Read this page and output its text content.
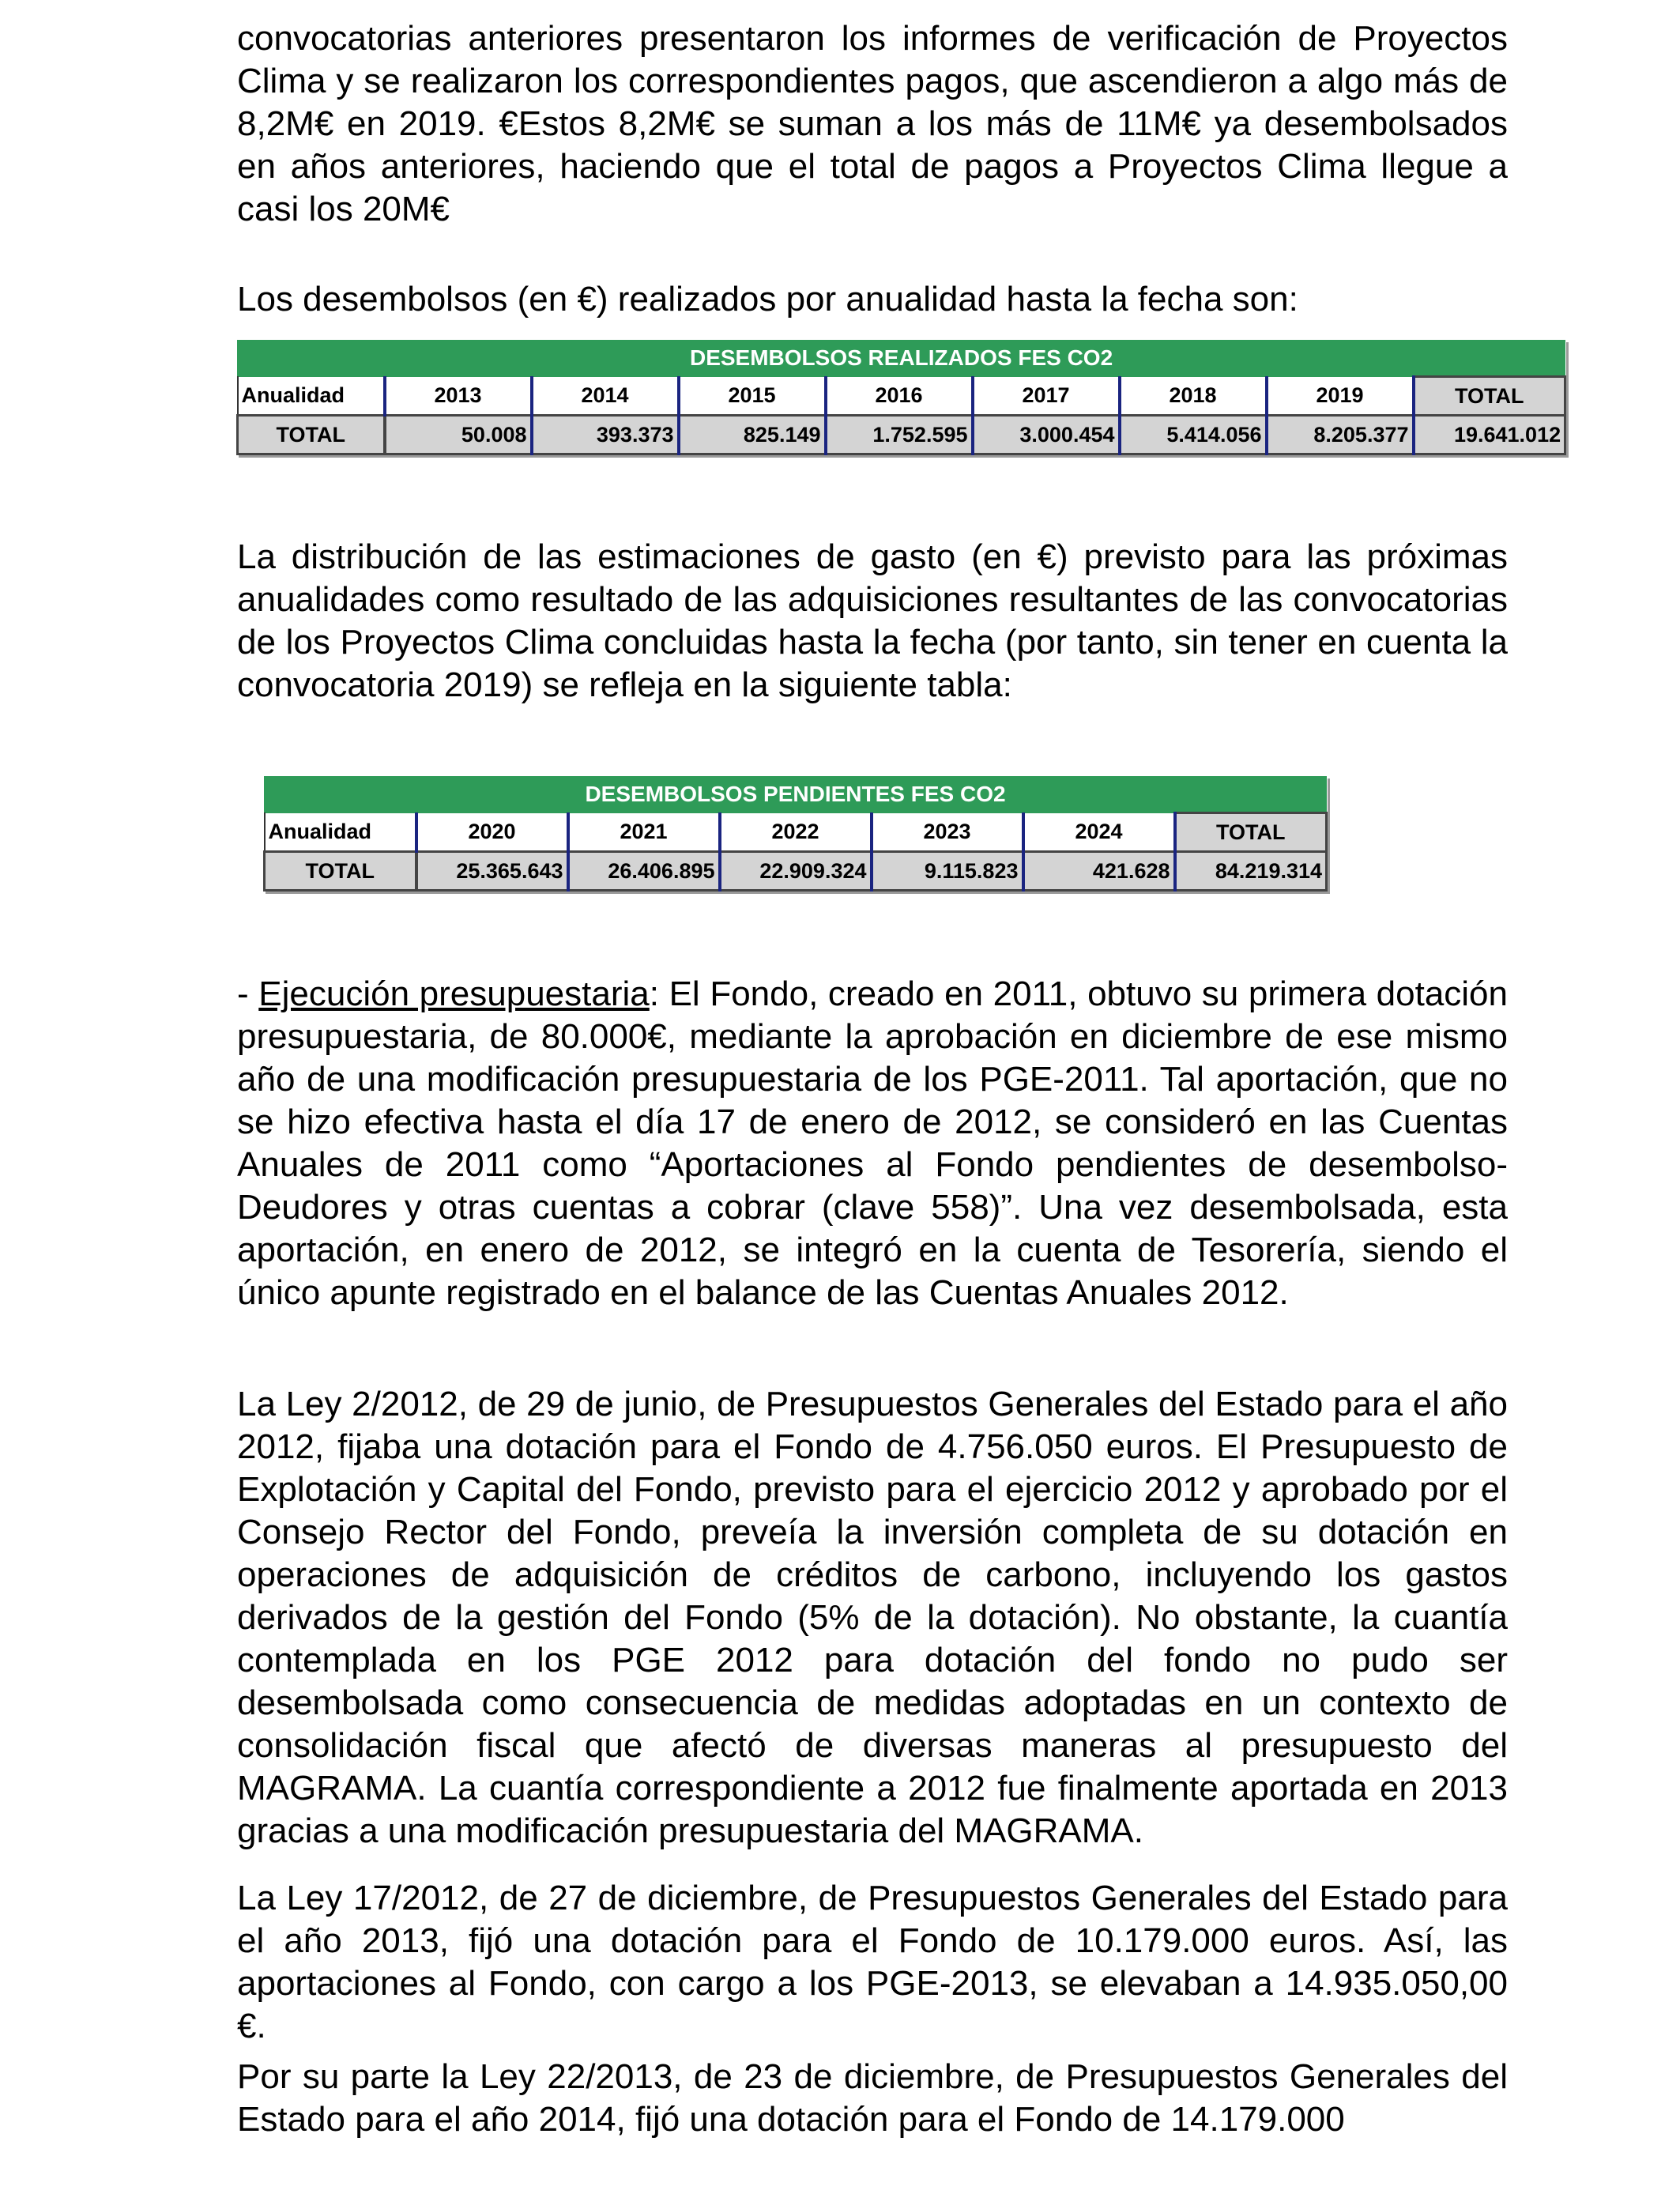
convocatorias anteriores presentaron los informes de verificación de Proyectos Clima y se realizaron los correspondientes pagos, que ascendieron a algo más de 8,2M€ en 2019. €Estos 8,2M€ se suman a los más de 11M€ ya desembolsados en años anteriores, haciendo que el total de pagos a Proyectos Clima llegue a casi los 20M€

Los desembolsos (en €) realizados por anualidad hasta la fecha son:

DESEMBOLSOS REALIZADOS FES CO2								
Anualidad	2013	2014	2015	2016	2017	2018	2019	TOTAL
TOTAL	50.008	393.373	825.149	1.752.595	3.000.454	5.414.056	8.205.377	19.641.012

La distribución de las estimaciones de gasto (en €) previsto para las próximas anualidades como resultado de las adquisiciones resultantes de las convocatorias de los Proyectos Clima concluidas hasta la fecha (por tanto, sin tener en cuenta la convocatoria 2019) se refleja en la siguiente tabla:

DESEMBOLSOS PENDIENTES FES CO2						
Anualidad	2020	2021	2022	2023	2024	TOTAL
TOTAL	25.365.643	26.406.895	22.909.324	9.115.823	421.628	84.219.314

- Ejecución presupuestaria: El Fondo, creado en 2011, obtuvo su primera dotación presupuestaria, de 80.000€, mediante la aprobación en diciembre de ese mismo año de una modificación presupuestaria de los PGE-2011. Tal aportación, que no se hizo efectiva hasta el día 17 de enero de 2012, se consideró en las Cuentas Anuales de 2011 como “Aportaciones al Fondo pendientes de desembolso-Deudores y otras cuentas a cobrar (clave 558)”. Una vez desembolsada, esta aportación, en enero de 2012, se integró en la cuenta de Tesorería, siendo el único apunte registrado en el balance de las Cuentas Anuales 2012.

La Ley 2/2012, de 29 de junio, de Presupuestos Generales del Estado para el año 2012, fijaba una dotación para el Fondo de 4.756.050 euros. El Presupuesto de Explotación y Capital del Fondo, previsto para el ejercicio 2012 y aprobado por el Consejo Rector del Fondo, preveía la inversión completa de su dotación en operaciones de adquisición de créditos de carbono, incluyendo los gastos derivados de la gestión del Fondo (5% de la dotación). No obstante, la cuantía contemplada en los PGE 2012 para dotación del fondo no pudo ser desembolsada como consecuencia de medidas adoptadas en un contexto de consolidación fiscal que afectó de diversas maneras al presupuesto del MAGRAMA. La cuantía correspondiente a 2012 fue finalmente aportada en 2013 gracias a una modificación presupuestaria del MAGRAMA.

La Ley 17/2012, de 27 de diciembre, de Presupuestos Generales del Estado para el año 2013, fijó una dotación para el Fondo de 10.179.000 euros. Así, las aportaciones al Fondo, con cargo a los PGE-2013, se elevaban a 14.935.050,00 €.

Por su parte la Ley 22/2013, de 23 de diciembre, de Presupuestos Generales del Estado para el año 2014, fijó una dotación para el Fondo de 14.179.000
